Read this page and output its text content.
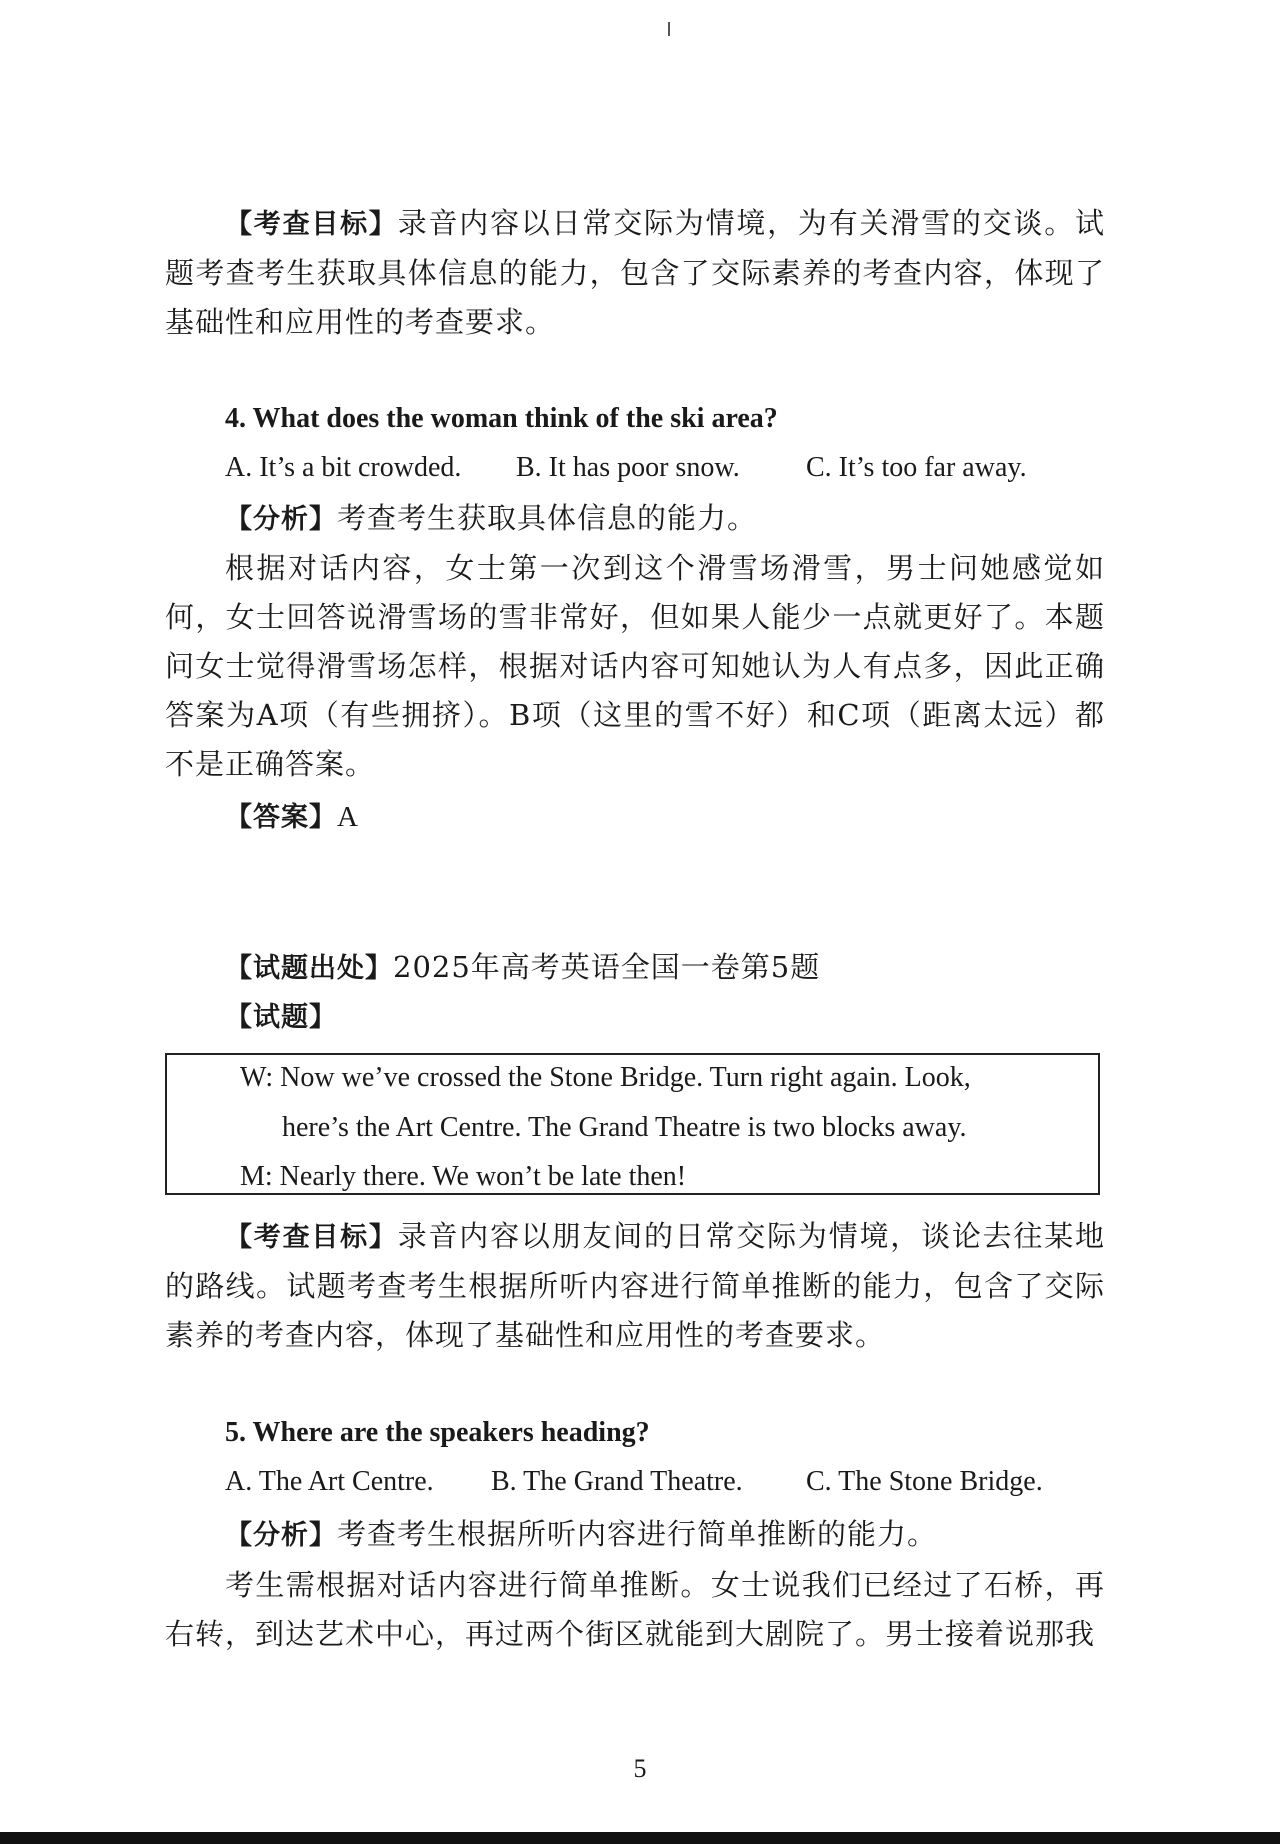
【考查目标】录音内容以日常交际为情境，为有关滑雪的交谈。试题考查考生获取具体信息的能力，包含了交际素养的考查内容，体现了基础性和应用性的考查要求。

4. What does the woman think of the ski area?
A. It’s a bit crowded. B. It has poor snow. C. It’s too far away.

【分析】考查考生获取具体信息的能力。

根据对话内容，女士第一次到这个滑雪场滑雪，男士问她感觉如何，女士回答说滑雪场的雪非常好，但如果人能少一点就更好了。本题问女士觉得滑雪场怎样，根据对话内容可知她认为人有点多，因此正确答案为A项（有些拥挤）。B项（这里的雪不好）和C项（距离太远）都不是正确答案。

【答案】A

【试题出处】2025年高考英语全国一卷第5题

【试题】

W: Now we’ve crossed the Stone Bridge. Turn right again. Look,
here’s the Art Centre. The Grand Theatre is two blocks away.
M: Nearly there. We won’t be late then!

【考查目标】录音内容以朋友间的日常交际为情境，谈论去往某地的路线。试题考查考生根据所听内容进行简单推断的能力，包含了交际素养的考查内容，体现了基础性和应用性的考查要求。

5. Where are the speakers heading?
A. The Art Centre. B. The Grand Theatre. C. The Stone Bridge.

【分析】考查考生根据所听内容进行简单推断的能力。

考生需根据对话内容进行简单推断。女士说我们已经过了石桥，再右转，到达艺术中心，再过两个街区就能到大剧院了。男士接着说那我

5
